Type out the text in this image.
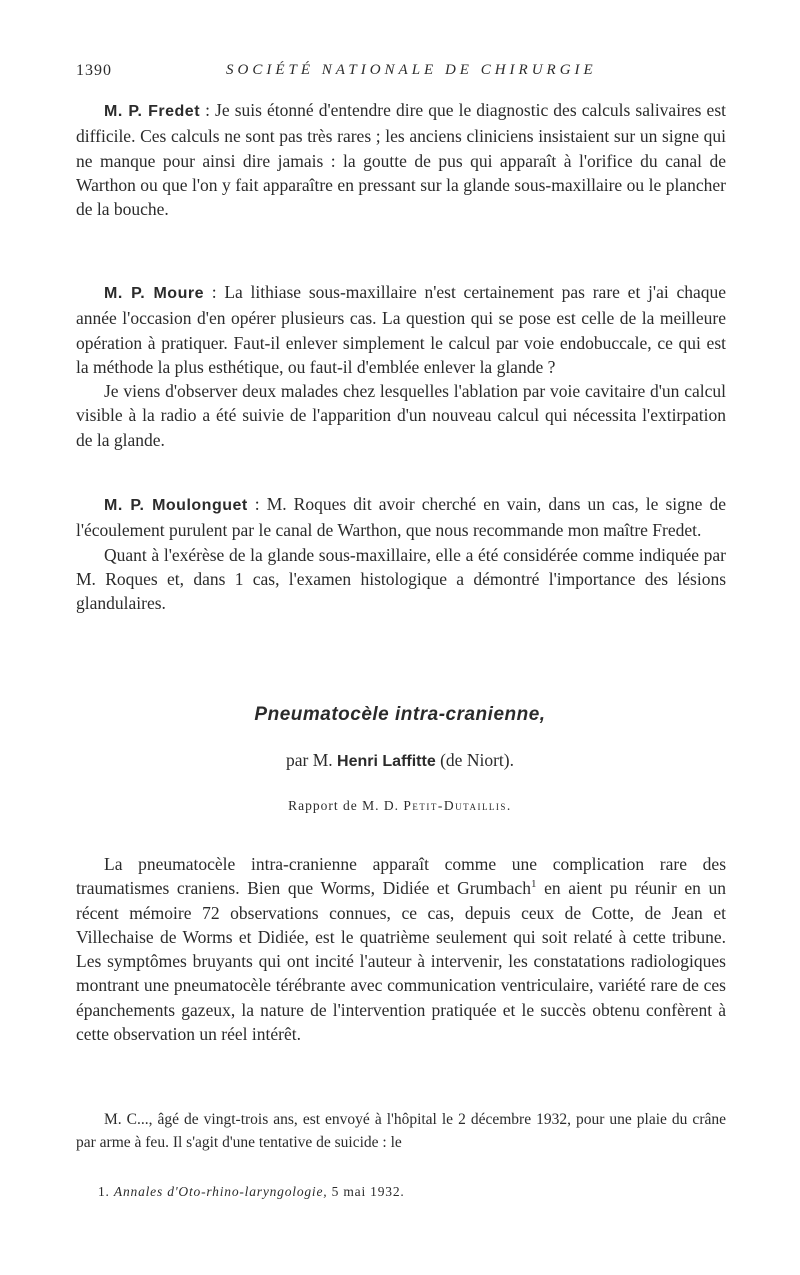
1390	SOCIÉTÉ NATIONALE DE CHIRURGIE

M. P. Fredet : Je suis étonné d'entendre dire que le diagnostic des calculs salivaires est difficile. Ces calculs ne sont pas très rares ; les anciens cliniciens insistaient sur un signe qui ne manque pour ainsi dire jamais : la goutte de pus qui apparaît à l'orifice du canal de Warthon ou que l'on y fait apparaître en pressant sur la glande sous-maxillaire ou le plancher de la bouche.

M. P. Moure : La lithiase sous-maxillaire n'est certainement pas rare et j'ai chaque année l'occasion d'en opérer plusieurs cas. La question qui se pose est celle de la meilleure opération à pratiquer. Faut-il enlever simplement le calcul par voie endobuccale, ce qui est la méthode la plus esthétique, ou faut-il d'emblée enlever la glande ?

Je viens d'observer deux malades chez lesquelles l'ablation par voie cavitaire d'un calcul visible à la radio a été suivie de l'apparition d'un nouveau calcul qui nécessita l'extirpation de la glande.

M. P. Moulonguet : M. Roques dit avoir cherché en vain, dans un cas, le signe de l'écoulement purulent par le canal de Warthon, que nous recommande mon maître Fredet.

Quant à l'exérèse de la glande sous-maxillaire, elle a été considérée comme indiquée par M. Roques et, dans 1 cas, l'examen histologique a démontré l'importance des lésions glandulaires.

Pneumatocèle intra-cranienne,
par M. Henri Laffitte (de Niort).
Rapport de M. D. Petit-Dutaillis.

La pneumatocèle intra-cranienne apparaît comme une complication rare des traumatismes craniens. Bien que Worms, Didiée et Grumbach$^1$ en aient pu réunir en un récent mémoire 72 observations connues, ce cas, depuis ceux de Cotte, de Jean et Villechaise de Worms et Didiée, est le quatrième seulement qui soit relaté à cette tribune. Les symptômes bruyants qui ont incité l'auteur à intervenir, les constatations radiologiques montrant une pneumatocèle térébrante avec communication ventriculaire, variété rare de ces épanchements gazeux, la nature de l'intervention pratiquée et le succès obtenu confèrent à cette observation un réel intérêt.

M. C..., âgé de vingt-trois ans, est envoyé à l'hôpital le 2 décembre 1932, pour une plaie du crâne par arme à feu. Il s'agit d'une tentative de suicide : le

1. Annales d'Oto-rhino-laryngologie, 5 mai 1932.
